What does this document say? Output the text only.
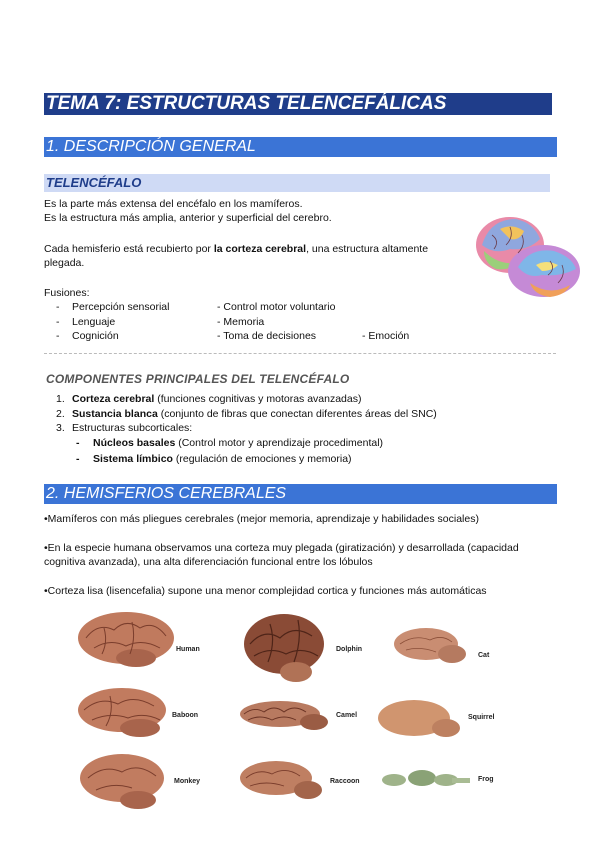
TEMA 7: ESTRUCTURAS TELENCEFÁLICAS
1. DESCRIPCIÓN GENERAL
TELENCÉFALO
Es la parte más extensa del encéfalo en los mamíferos.
Es la estructura más amplia, anterior y superficial del cerebro.
Cada hemisferio está recubierto por la corteza cerebral, una estructura altamente
plegada.
Fusiones:
- Percepción sensorial	- Control motor voluntario
- Lenguaje	- Memoria
- Cognición	- Toma de decisiones	- Emoción
COMPONENTES PRINCIPALES DEL TELENCÉFALO
1. Corteza cerebral (funciones cognitivas y motoras avanzadas)
2. Sustancia blanca (conjunto de fibras que conectan diferentes áreas del SNC)
3. Estructuras subcorticales:
- Núcleos basales (Control motor y aprendizaje procedimental)
- Sistema límbico (regulación de emociones y memoria)
2. HEMISFERIOS CEREBRALES
•Mamíferos con más pliegues cerebrales (mejor memoria, aprendizaje y habilidades sociales)
•En la especie humana observamos una corteza muy plegada (giratización) y desarrollada (capacidad
cognitiva avanzada), una alta diferenciación funcional entre los lóbulos
•Corteza lisa (lisencefalia) supone una menor complejidad cortica y funciones más automáticas
Human	Dolphin
Cat
Baboon	Camel	Squirrel
Monkey	Raccoon	Frog
